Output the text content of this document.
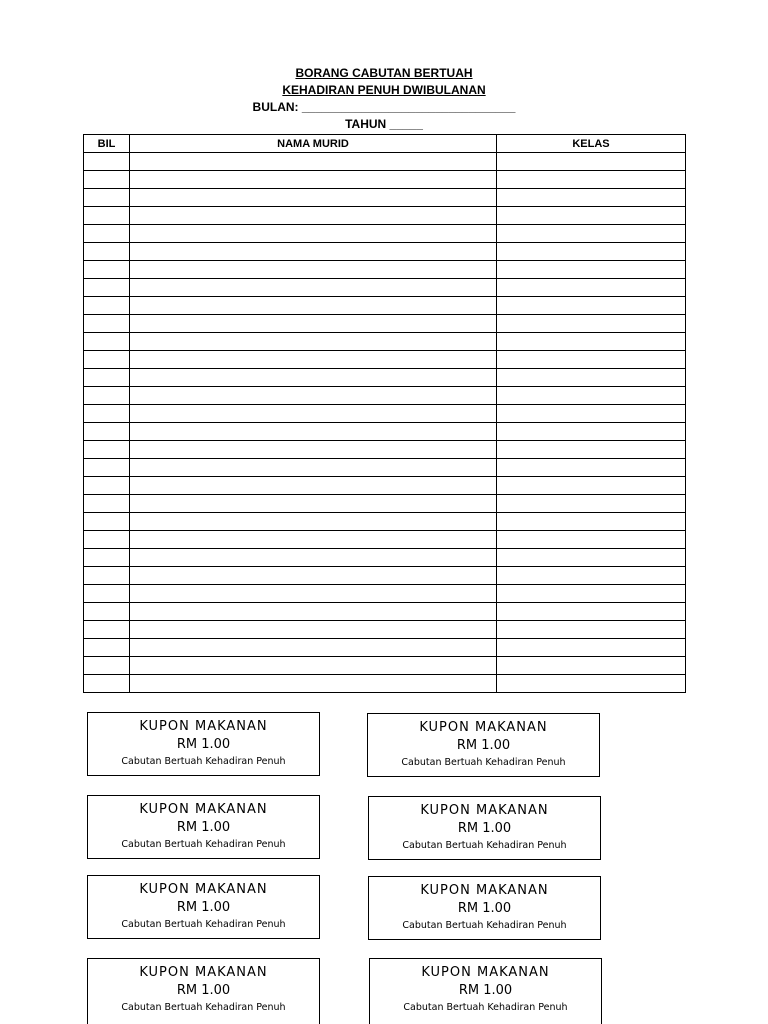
BORANG CABUTAN BERTUAH
KEHADIRAN PENUH DWIBULANAN
BULAN: ________________________________
TAHUN _____
BIL	NAMA MURID	KELAS

KUPON MAKANAN
RM 1.00
Cabutan Bertuah Kehadiran Penuh
KUPON MAKANAN
RM 1.00
Cabutan Bertuah Kehadiran Penuh
KUPON MAKANAN
RM 1.00
Cabutan Bertuah Kehadiran Penuh
KUPON MAKANAN
RM 1.00
Cabutan Bertuah Kehadiran Penuh
KUPON MAKANAN
RM 1.00
Cabutan Bertuah Kehadiran Penuh
KUPON MAKANAN
RM 1.00
Cabutan Bertuah Kehadiran Penuh
KUPON MAKANAN
RM 1.00
Cabutan Bertuah Kehadiran Penuh
KUPON MAKANAN
RM 1.00
Cabutan Bertuah Kehadiran Penuh
